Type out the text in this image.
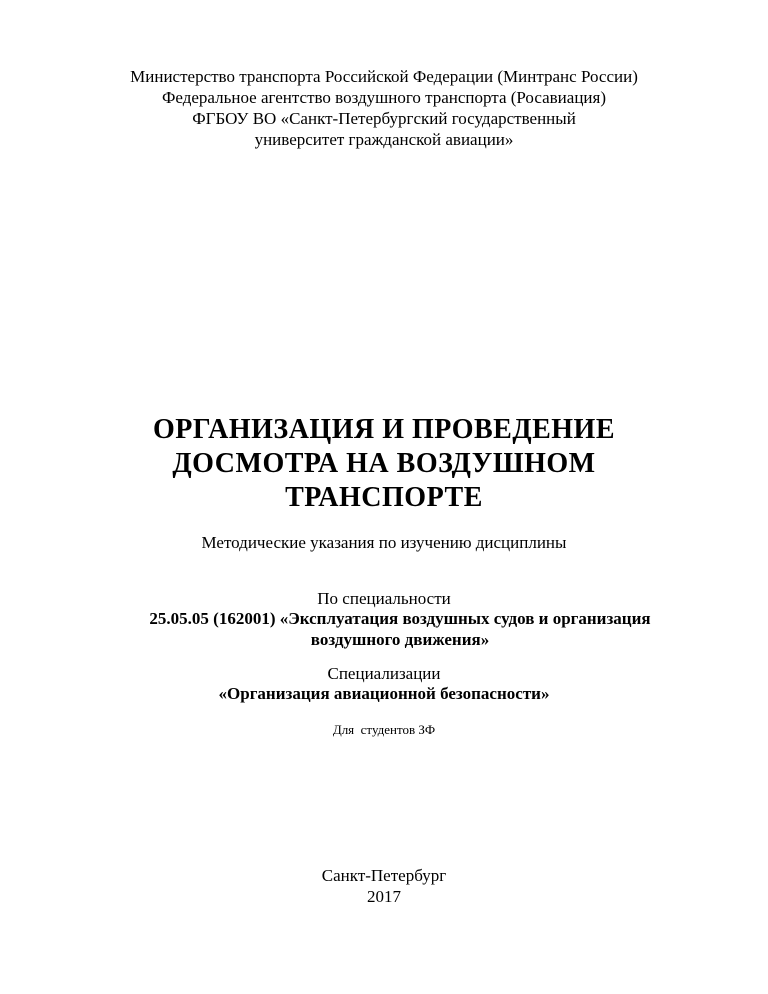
Министерство транспорта Российской Федерации (Минтранс России)
Федеральное агентство воздушного транспорта (Росавиация)
ФГБОУ ВО «Санкт-Петербургский государственный
университет гражданской авиации»
ОРГАНИЗАЦИЯ И ПРОВЕДЕНИЕ
ДОСМОТРА НА ВОЗДУШНОМ
ТРАНСПОРТЕ
Методические указания по изучению дисциплины
По специальности
25.05.05 (162001) «Эксплуатация воздушных судов и организация
воздушного движения»
Специализации
«Организация авиационной безопасности»
Для  студентов ЗФ
Санкт-Петербург
2017
